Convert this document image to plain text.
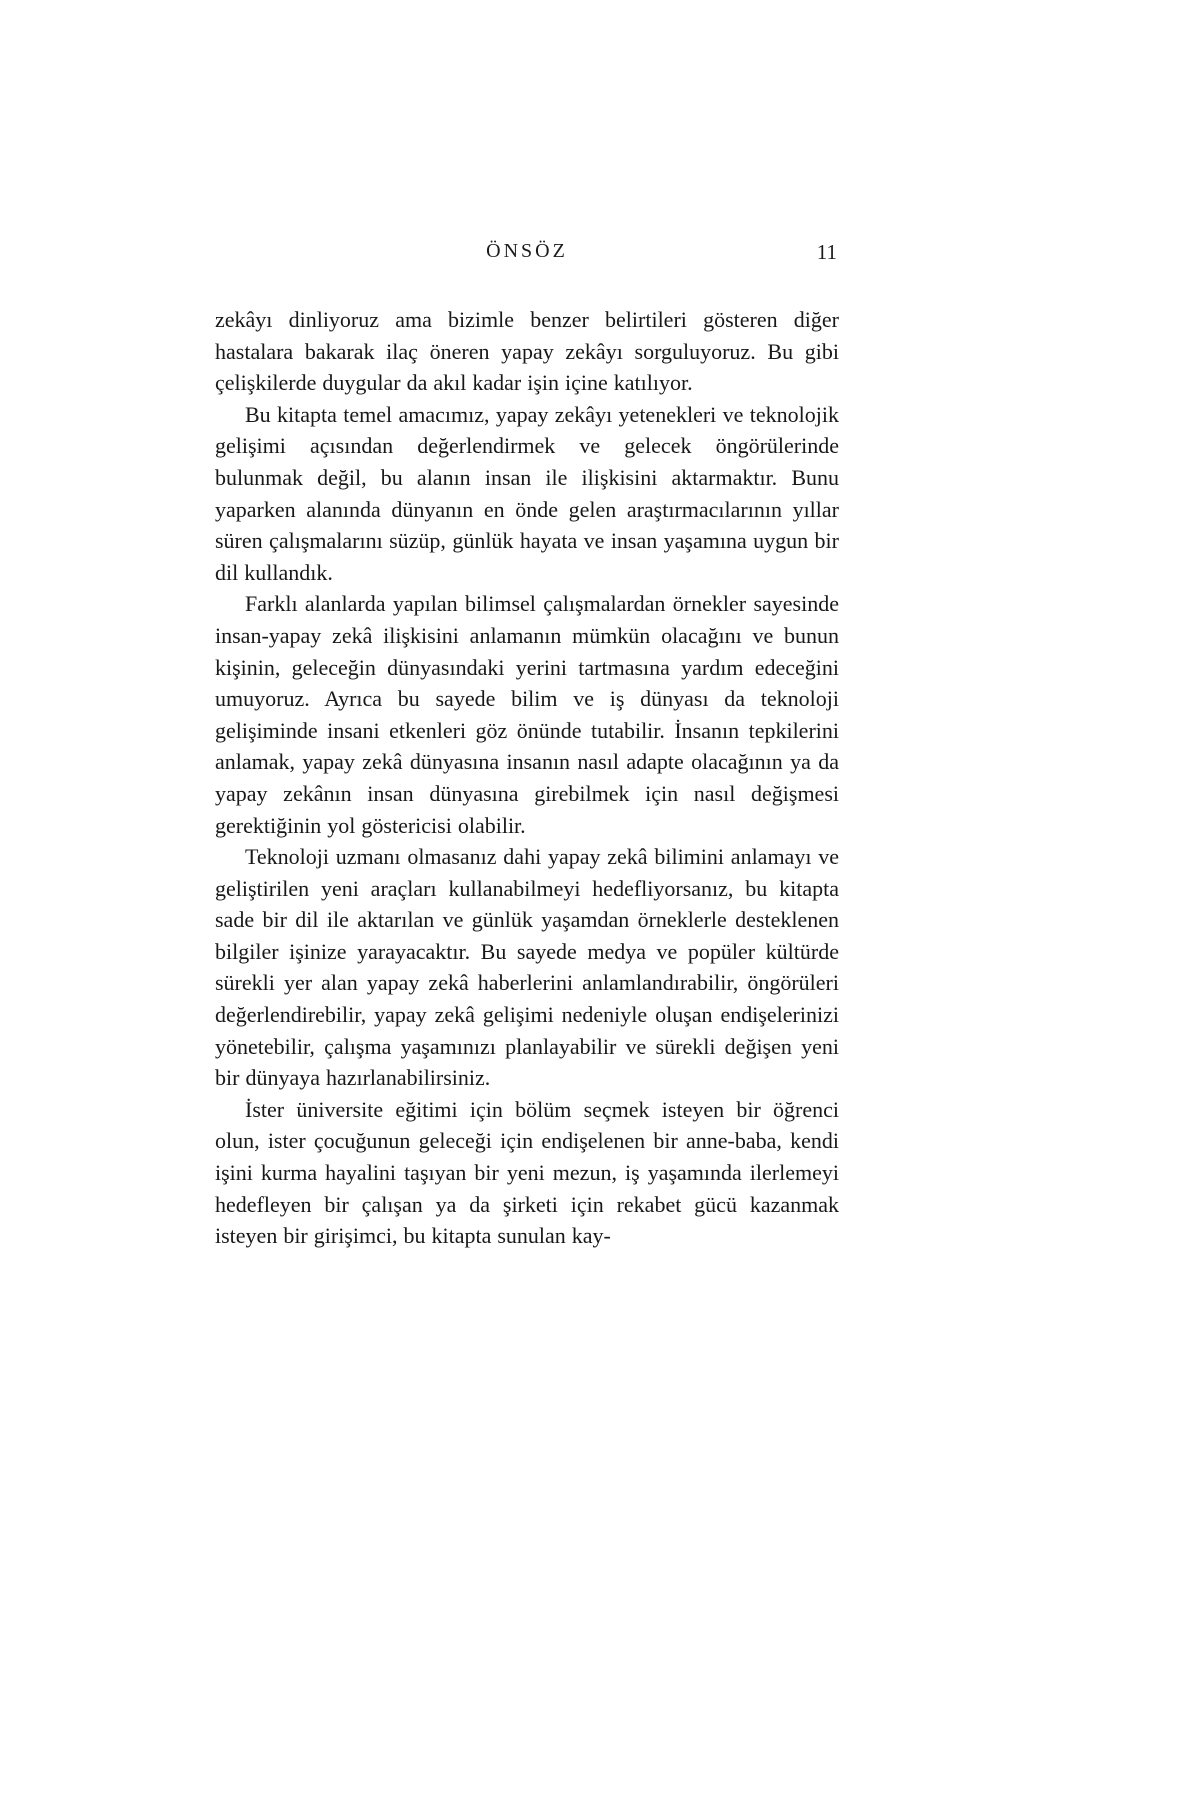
ÖNSÖZ	11

zekâyı dinliyoruz ama bizimle benzer belirtileri gösteren diğer hastalara bakarak ilaç öneren yapay zekâyı sorguluyoruz. Bu gibi çelişkilerde duygular da akıl kadar işin içine katılıyor.

Bu kitapta temel amacımız, yapay zekâyı yetenekleri ve teknolojik gelişimi açısından değerlendirmek ve gelecek öngörülerinde bulunmak değil, bu alanın insan ile ilişkisini aktarmaktır. Bunu yaparken alanında dünyanın en önde gelen araştırmacılarının yıllar süren çalışmalarını süzüp, günlük hayata ve insan yaşamına uygun bir dil kullandık.

Farklı alanlarda yapılan bilimsel çalışmalardan örnekler sayesinde insan-yapay zekâ ilişkisini anlamanın mümkün olacağını ve bunun kişinin, geleceğin dünyasındaki yerini tartmasına yardım edeceğini umuyoruz. Ayrıca bu sayede bilim ve iş dünyası da teknoloji gelişiminde insani etkenleri göz önünde tutabilir. İnsanın tepkilerini anlamak, yapay zekâ dünyasına insanın nasıl adapte olacağının ya da yapay zekânın insan dünyasına girebilmek için nasıl değişmesi gerektiğinin yol göstericisi olabilir.

Teknoloji uzmanı olmasanız dahi yapay zekâ bilimini anlamayı ve geliştirilen yeni araçları kullanabilmeyi hedefliyorsanız, bu kitapta sade bir dil ile aktarılan ve günlük yaşamdan örneklerle desteklenen bilgiler işinize yarayacaktır. Bu sayede medya ve popüler kültürde sürekli yer alan yapay zekâ haberlerini anlamlandırabilir, öngörüleri değerlendirebilir, yapay zekâ gelişimi nedeniyle oluşan endişelerinizi yönetebilir, çalışma yaşamınızı planlayabilir ve sürekli değişen yeni bir dünyaya hazırlanabilirsiniz.

İster üniversite eğitimi için bölüm seçmek isteyen bir öğrenci olun, ister çocuğunun geleceği için endişelenen bir anne-baba, kendi işini kurma hayalini taşıyan bir yeni mezun, iş yaşamında ilerlemeyi hedefleyen bir çalışan ya da şirketi için rekabet gücü kazanmak isteyen bir girişimci, bu kitapta sunulan kay-
